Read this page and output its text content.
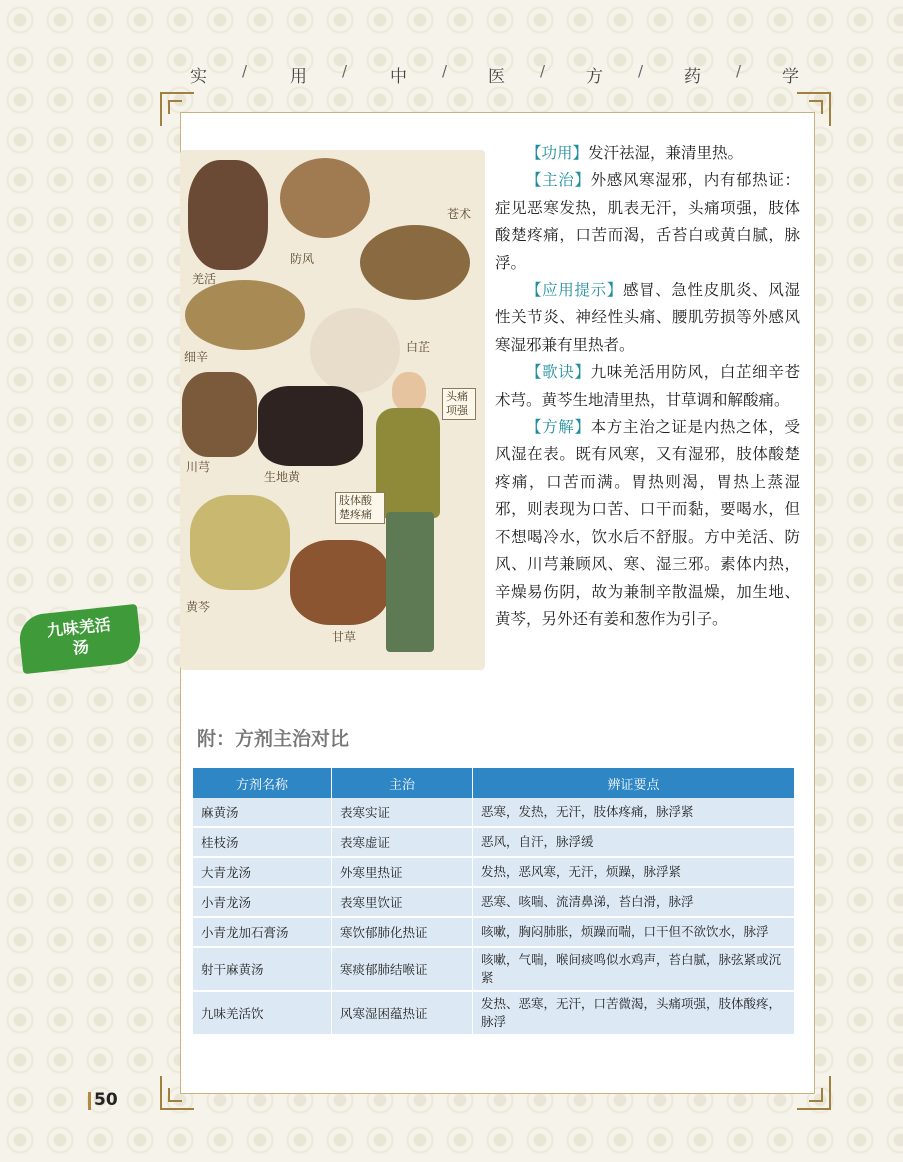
实 /	用 /	中 / 医 / 方 / 药 / 学
羌活
防风
苍术
细辛
白芷
川芎
生地黄
黄芩
甘草
头痛项强
肢体酸楚疼痛
九味羌活汤

【功用】发汗祛湿，兼清里热。

【主治】外感风寒湿邪，内有郁热证：症见恶寒发热，肌表无汗，头痛项强，肢体酸楚疼痛，口苦而渴，舌苔白或黄白腻，脉浮。

【应用提示】感冒、急性皮肌炎、风湿性关节炎、神经性头痛、腰肌劳损等外感风寒湿邪兼有里热者。

【歌诀】九味羌活用防风，白芷细辛苍术芎。黄芩生地清里热，甘草调和解酸痛。

【方解】本方主治之证是内热之体，受风湿在表。既有风寒，又有湿邪，肢体酸楚疼痛，口苦而满。胃热则渴，胃热上蒸湿邪，则表现为口苦、口干而黏，要喝水，但不想喝冷水，饮水后不舒服。方中羌活、防风、川芎兼顾风、寒、湿三邪。素体内热，辛燥易伤阴，故为兼制辛散温燥，加生地、黄芩，另外还有姜和葱作为引子。

附：方剂主治对比
方剂名称	主治	辨证要点
麻黄汤	表寒实证	恶寒，发热，无汗，肢体疼痛，脉浮紧
桂枝汤	表寒虚证	恶风，自汗，脉浮缓
大青龙汤	外寒里热证	发热，恶风寒，无汗，烦躁，脉浮紧
小青龙汤	表寒里饮证	恶寒、咳喘、流清鼻涕，苔白滑，脉浮
小青龙加石膏汤	寒饮郁肺化热证	咳嗽，胸闷肺胀，烦躁而喘，口干但不欲饮水，脉浮
射干麻黄汤	寒痰郁肺结喉证	咳嗽，气喘，喉间痰鸣似水鸡声，苔白腻，脉弦紧或沉紧
九味羌活饮	风寒湿困蕴热证	发热、恶寒，无汗，口苦微渴，头痛项强，肢体酸疼，脉浮
50
